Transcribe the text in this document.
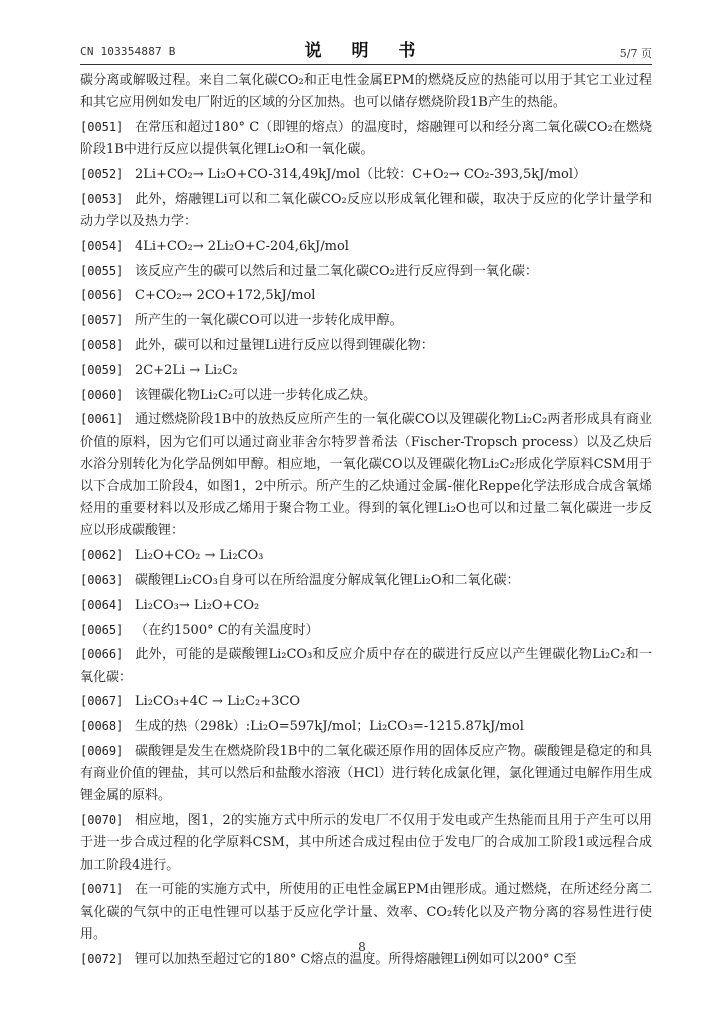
CN 103354887 B	说 明 书	5/7 页
碳分离或解吸过程。来自二氧化碳CO₂和正电性金属EPM的燃烧反应的热能可以用于其它工业过程和其它应用例如发电厂附近的区域的分区加热。也可以储存燃烧阶段1B产生的热能。
[0051] 在常压和超过180° C（即锂的熔点）的温度时，熔融锂可以和经分离二氧化碳CO₂在燃烧阶段1B中进行反应以提供氧化锂Li₂O和一氧化碳。
[0052] 2Li+CO₂→ Li₂O+CO-314,49kJ/mol（比较：C+O₂→ CO₂-393,5kJ/mol）
[0053] 此外，熔融锂Li可以和二氧化碳CO₂反应以形成氧化锂和碳，取决于反应的化学计量学和动力学以及热力学：
[0054] 4Li+CO₂→ 2Li₂O+C-204,6kJ/mol
[0055] 该反应产生的碳可以然后和过量二氧化碳CO₂进行反应得到一氧化碳：
[0056] C+CO₂→ 2CO+172,5kJ/mol
[0057] 所产生的一氧化碳CO可以进一步转化成甲醇。
[0058] 此外，碳可以和过量锂Li进行反应以得到锂碳化物：
[0059] 2C+2Li → Li₂C₂
[0060] 该锂碳化物Li₂C₂可以进一步转化成乙炔。
[0061] 通过燃烧阶段1B中的放热反应所产生的一氧化碳CO以及锂碳化物Li₂C₂两者形成具有商业价值的原料，因为它们可以通过商业菲舍尔特罗普希法（Fischer-Tropsch process）以及乙炔后水浴分别转化为化学品例如甲醇。相应地，一氧化碳CO以及锂碳化物Li₂C₂形成化学原料CSM用于以下合成加工阶段4，如图1，2中所示。所产生的乙炔通过金属-催化Reppe化学法形成合成含氧烯烃用的重要材料以及形成乙烯用于聚合物工业。得到的氧化锂Li₂O也可以和过量二氧化碳进一步反应以形成碳酸锂：
[0062] Li₂O+CO₂ → Li₂CO₃
[0063] 碳酸锂Li₂CO₃自身可以在所给温度分解成氧化锂Li₂O和二氧化碳：
[0064] Li₂CO₃→ Li₂O+CO₂
[0065] （在约1500° C的有关温度时）
[0066] 此外，可能的是碳酸锂Li₂CO₃和反应介质中存在的碳进行反应以产生锂碳化物Li₂C₂和一氧化碳：
[0067] Li₂CO₃+4C → Li₂C₂+3CO
[0068] 生成的热（298k）:Li₂O=597kJ/mol；Li₂CO₃=-1215.87kJ/mol
[0069] 碳酸锂是发生在燃烧阶段1B中的二氧化碳还原作用的固体反应产物。碳酸锂是稳定的和具有商业价值的锂盐，其可以然后和盐酸水溶液（HCl）进行转化成氯化锂，氯化锂通过电解作用生成锂金属的原料。
[0070] 相应地，图1，2的实施方式中所示的发电厂不仅用于发电或产生热能而且用于产生可以用于进一步合成过程的化学原料CSM，其中所述合成过程由位于发电厂的合成加工阶段1或远程合成加工阶段4进行。
[0071] 在一可能的实施方式中，所使用的正电性金属EPM由锂形成。通过燃烧，在所述经分离二氧化碳的气氛中的正电性锂可以基于反应化学计量、效率、CO₂转化以及产物分离的容易性进行使用。
[0072] 锂可以加热至超过它的180° C熔点的温度。所得熔融锂Li例如可以200° C至
8
